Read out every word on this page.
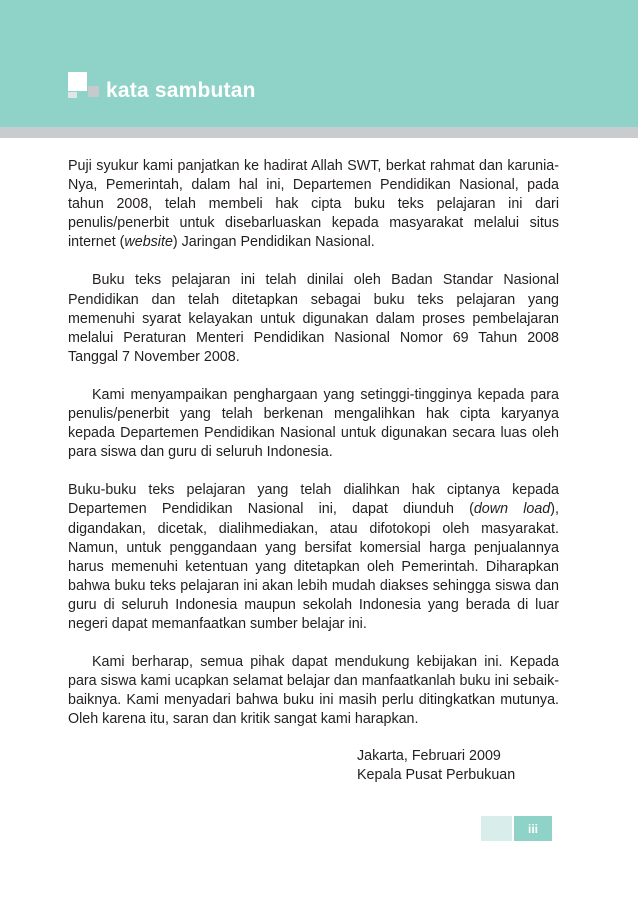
kata sambutan

Puji syukur kami panjatkan ke hadirat Allah SWT, berkat rahmat dan karunia-Nya, Pemerintah, dalam hal ini, Departemen Pendidikan Nasional, pada tahun 2008, telah membeli hak cipta buku teks pelajaran ini dari penulis/penerbit untuk disebarluaskan kepada masyarakat melalui situs internet (website) Jaringan Pendidikan Nasional.

Buku teks pelajaran ini telah dinilai oleh Badan Standar Nasional Pendidikan dan telah ditetapkan sebagai buku teks pelajaran yang memenuhi syarat kelayakan untuk digunakan dalam proses pembelajaran melalui Peraturan Menteri Pendidikan Nasional Nomor 69 Tahun 2008 Tanggal 7 November 2008.

Kami menyampaikan penghargaan yang setinggi-tingginya kepada para penulis/penerbit yang telah berkenan mengalihkan hak cipta karyanya kepada Departemen Pendidikan Nasional untuk digunakan secara luas oleh para siswa dan guru di seluruh Indonesia.

Buku-buku teks pelajaran yang telah dialihkan hak ciptanya kepada Departemen Pendidikan Nasional ini, dapat diunduh (down load), digandakan, dicetak, dialihmediakan, atau difotokopi oleh masyarakat. Namun, untuk penggandaan yang bersifat komersial harga penjualannya harus memenuhi ketentuan yang ditetapkan oleh Pemerintah. Diharapkan bahwa buku teks pelajaran ini akan lebih mudah diakses sehingga siswa dan guru di seluruh Indonesia maupun sekolah Indonesia yang berada di luar negeri dapat memanfaatkan sumber belajar ini.

Kami berharap, semua pihak dapat mendukung kebijakan ini. Kepada para siswa kami ucapkan selamat belajar dan manfaatkanlah buku ini sebaik-baiknya. Kami menyadari bahwa buku ini masih perlu ditingkatkan mutunya. Oleh karena itu, saran dan kritik sangat kami harapkan.

Jakarta, Februari 2009
Kepala Pusat Perbukuan
iii
